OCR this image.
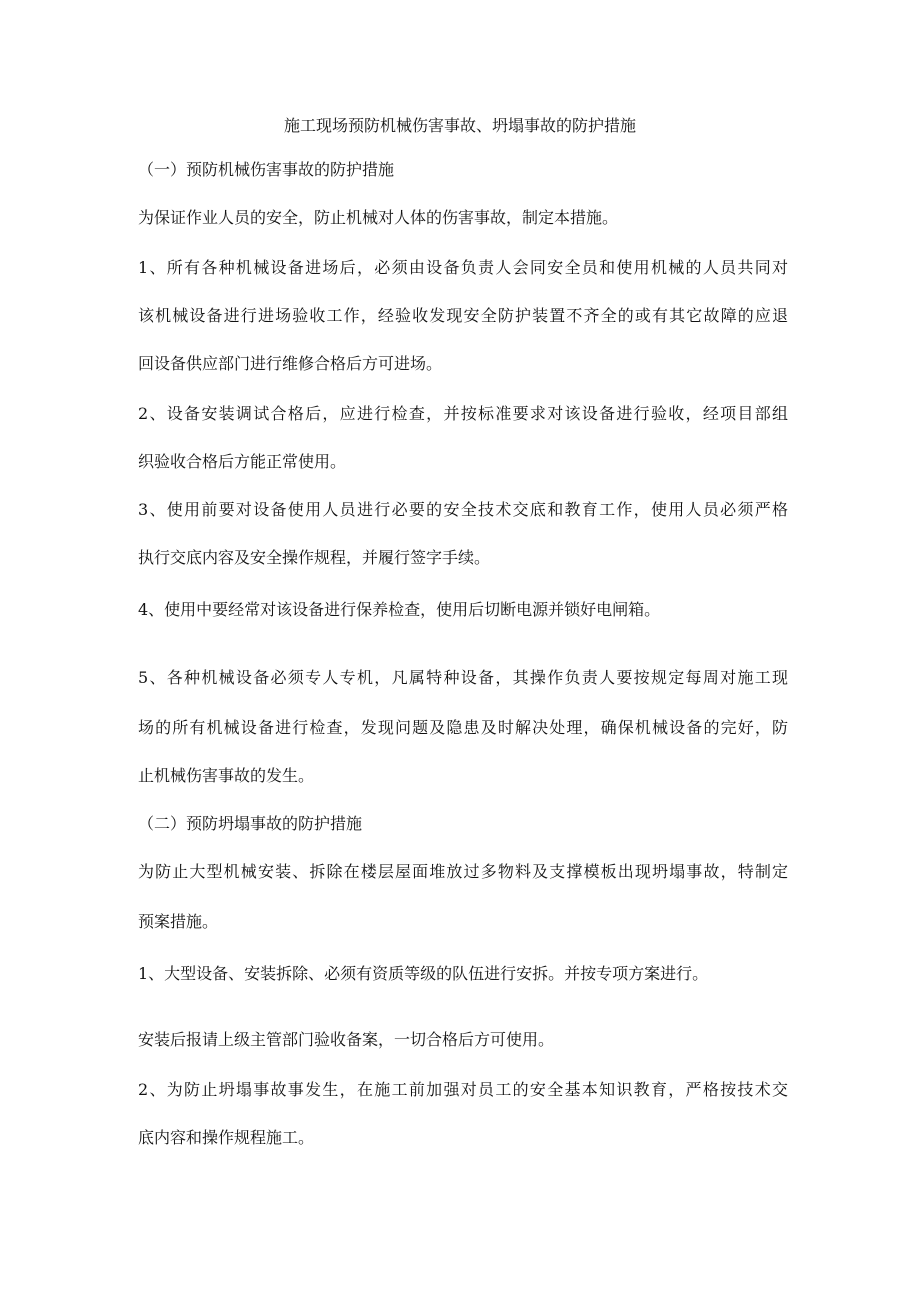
施工现场预防机械伤害事故、坍塌事故的防护措施
（一）预防机械伤害事故的防护措施
为保证作业人员的安全，防止机械对人体的伤害事故，制定本措施。
1、所有各种机械设备进场后，必须由设备负责人会同安全员和使用机械的人员共同对
该机械设备进行进场验收工作，经验收发现安全防护装置不齐全的或有其它故障的应退
回设备供应部门进行维修合格后方可进场。
2、设备安装调试合格后，应进行检查，并按标准要求对该设备进行验收，经项目部组
织验收合格后方能正常使用。
3、使用前要对设备使用人员进行必要的安全技术交底和教育工作，使用人员必须严格
执行交底内容及安全操作规程，并履行签字手续。
4、使用中要经常对该设备进行保养检查，使用后切断电源并锁好电闸箱。
5、各种机械设备必须专人专机，凡属特种设备，其操作负责人要按规定每周对施工现
场的所有机械设备进行检查，发现问题及隐患及时解决处理，确保机械设备的完好，防
止机械伤害事故的发生。
（二）预防坍塌事故的防护措施
为防止大型机械安装、拆除在楼层屋面堆放过多物料及支撑模板出现坍塌事故，特制定
预案措施。
1、大型设备、安装拆除、必须有资质等级的队伍进行安拆。并按专项方案进行。
安装后报请上级主管部门验收备案，一切合格后方可使用。
2、为防止坍塌事故事发生，在施工前加强对员工的安全基本知识教育，严格按技术交
底内容和操作规程施工。
